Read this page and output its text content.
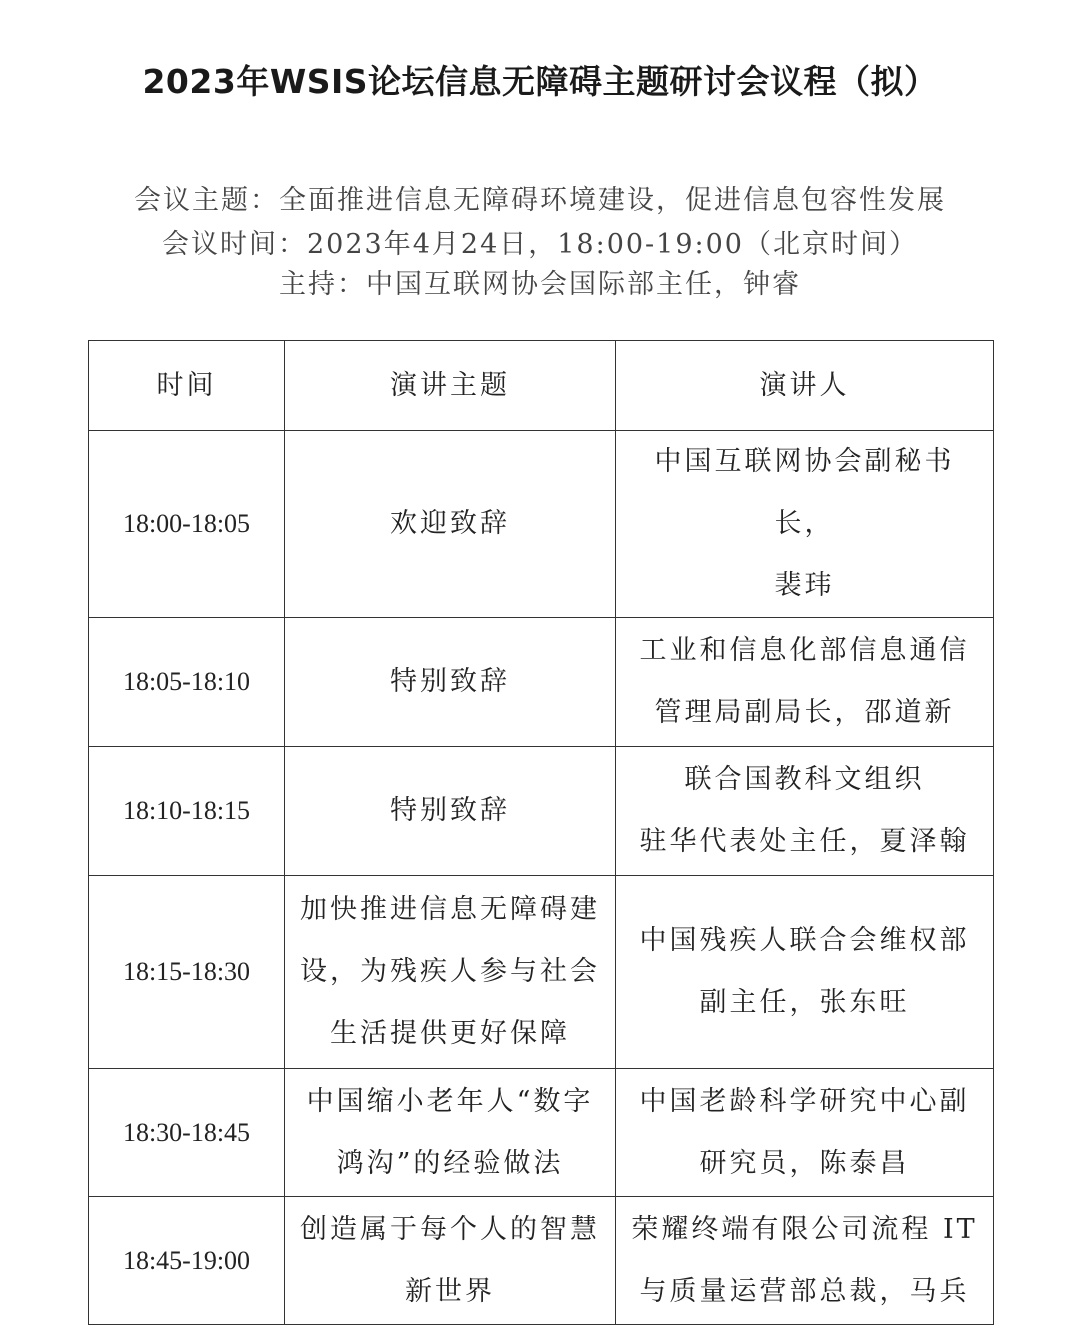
2023年WSIS论坛信息无障碍主题研讨会议程（拟）
会议主题：全面推进信息无障碍环境建设，促进信息包容性发展
会议时间：2023年4月24日，18:00-19:00（北京时间）
主持：中国互联网协会国际部主任，钟睿
时间	演讲主题	演讲人
18:00-18:05	欢迎致辞	中国互联网协会副秘书长，
裴玮

18:05-18:10	特别致辞	工业和信息化部信息通信
管理局副局长，邵道新

18:10-18:15	特别致辞	联合国教科文组织
驻华代表处主任，夏泽翰

18:15-18:30	加快推进信息无障碍建
设，为残疾人参与社会
生活提供更好保障	中国残疾人联合会维权部
副主任，张东旺

18:30-18:45	中国缩小老年人“数字
鸿沟”的经验做法	中国老龄科学研究中心副
研究员，陈泰昌

18:45-19:00	创造属于每个人的智慧
新世界	荣耀终端有限公司流程 IT
与质量运营部总裁，马兵
